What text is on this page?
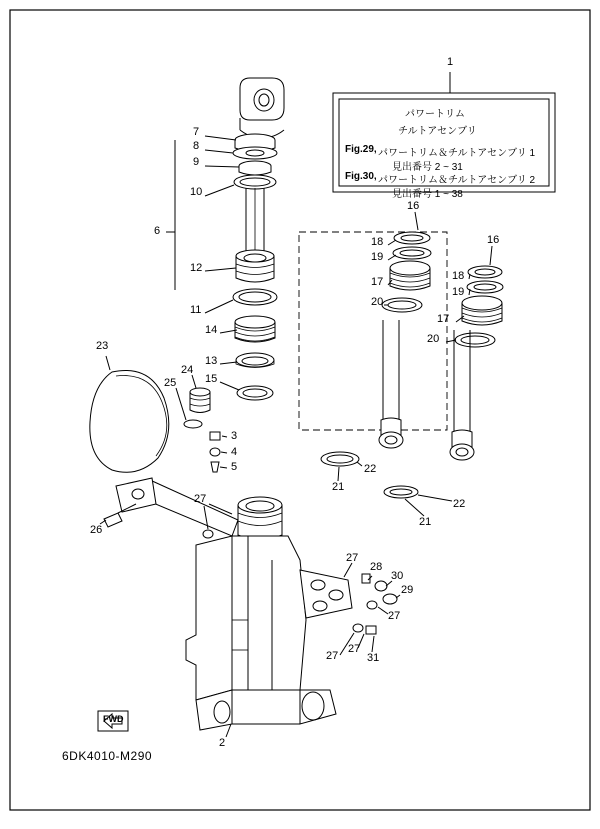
パワートリム
チルトアセンブリ
Fig.29, パワートリム＆チルトアセンブリ 1
見出番号 2 ~ 31
Fig.30, パワートリム＆チルトアセンブリ 2
見出番号 1 ~ 38
1
7
8
9
10
6
12
11
14
13
15
23
24
25
3
4
5
26
27
2
16
16
18
19
17
20
18
19
17
20
22
21
22
21
27
28
30
29
27
27
27
31
FWD
6DK4010-M290
